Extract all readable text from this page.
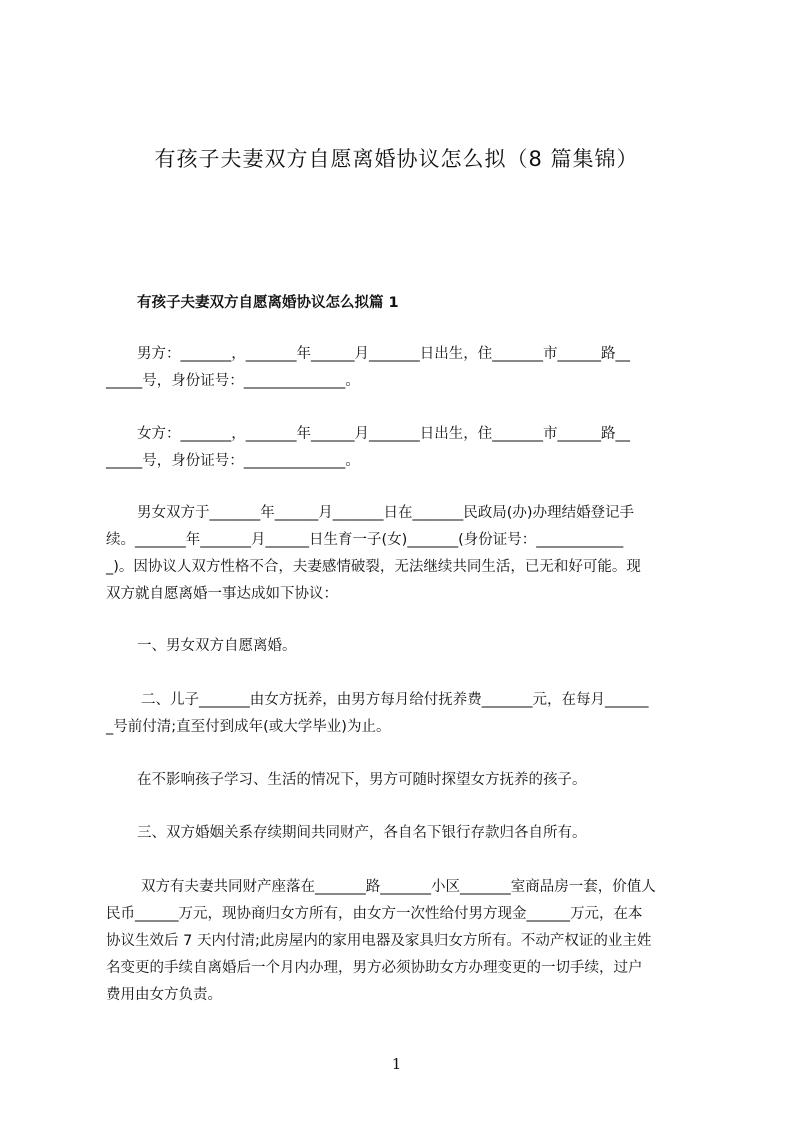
有孩子夫妻双方自愿离婚协议怎么拟（8 篇集锦）
有孩子夫妻双方自愿离婚协议怎么拟篇 1
男方：_______，_______年______月_______日出生，住_______市______路__
_____号，身份证号：______________。
女方：_______，_______年______月_______日出生，住_______市______路__
_____号，身份证号：______________。
男女双方于_______年______月_______日在_______民政局(办)办理结婚登记手
续。_______年_______月______日生育一子(女)_______(身份证号：____________
_)。因协议人双方性格不合，夫妻感情破裂，无法继续共同生活，已无和好可能。现
双方就自愿离婚一事达成如下协议：
一、男女双方自愿离婚。
二、儿子_______由女方抚养，由男方每月给付抚养费_______元，在每月______
_号前付清;直至付到成年(或大学毕业)为止。
在不影响孩子学习、生活的情况下，男方可随时探望女方抚养的孩子。
三、双方婚姻关系存续期间共同财产，各自名下银行存款归各自所有。
双方有夫妻共同财产座落在_______路_______小区_______室商品房一套，价值人
民币______万元，现协商归女方所有，由女方一次性给付男方现金______万元，在本
协议生效后 7 天内付清;此房屋内的家用电器及家具归女方所有。不动产权证的业主姓
名变更的手续自离婚后一个月内办理，男方必须协助女方办理变更的一切手续，过户
费用由女方负责。
1
